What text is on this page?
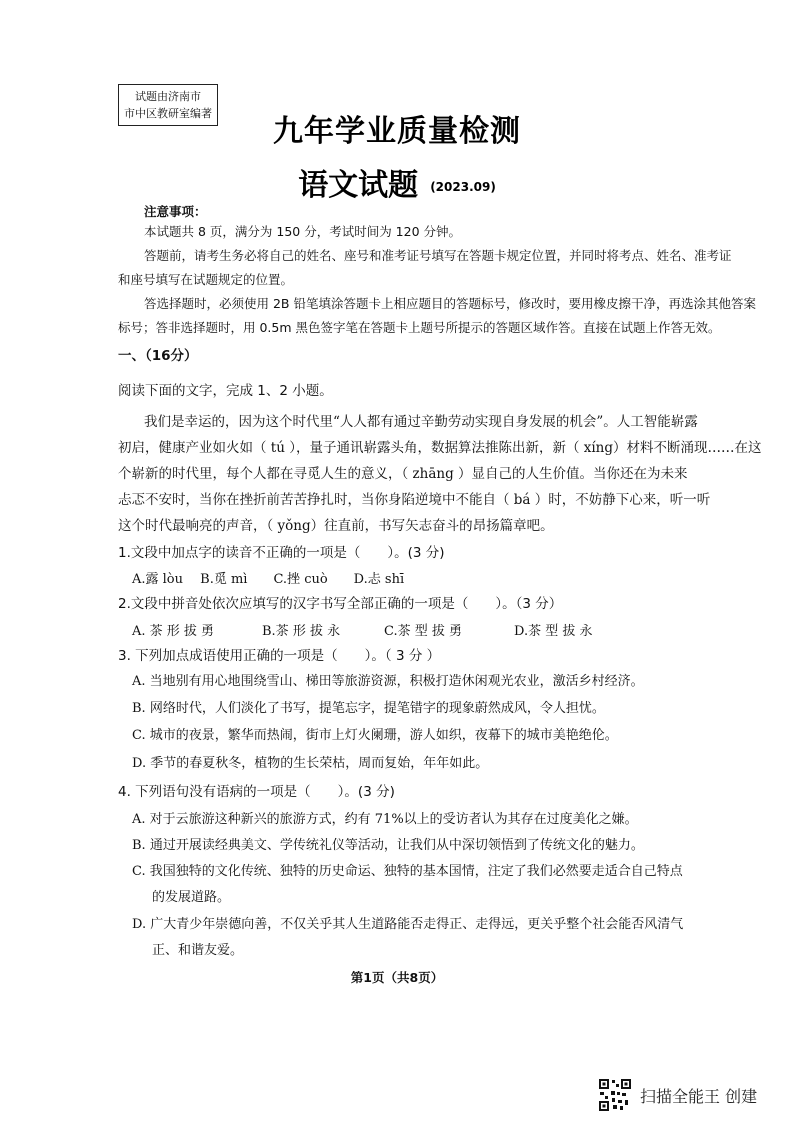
试题由济南市
市中区教研室编著
九年学业质量检测
语文试题 (2023.09)
注意事项：
本试题共 8 页，满分为 150 分，考试时间为 120 分钟。
答题前，请考生务必将自己的姓名、座号和准考证号填写在答题卡规定位置，并同时将考点、姓名、准考证
和座号填写在试题规定的位置。
答选择题时，必须使用 2B 铅笔填涂答题卡上相应题目的答题标号，修改时，要用橡皮擦干净，再选涂其他答案
标号；答非选择题时，用 0.5m 黑色签字笔在答题卡上题号所提示的答题区域作答。直接在试题上作答无效。
一、（16分）
阅读下面的文字，完成 1、2 小题。
我们是幸运的，因为这个时代里“人人都有通过辛勤劳动实现自身发展的机会”。人工智能崭露
初启，健康产业如火如（ tú ），量子通讯崭露头角，数据算法推陈出新，新（ xíng）材料不断涌现……在这
个崭新的时代里，每个人都在寻觅人生的意义，（ zhāng ）显自己的人生价值。当你还在为未来
忐忑不安时，当你在挫折前苦苦挣扎时，当你身陷逆境中不能自（ bá ）时，不妨静下心来，听一听
这个时代最响亮的声音，（ yǒng）往直前，书写矢志奋斗的昂扬篇章吧。
1.文段中加点字的读音不正确的一项是（　　）。(3 分)
A.露 lòu　 B.觅 mì　　C.挫 cuò　　D.忐 shī
2.文段中拼音处依次应填写的汉字书写全部正确的一项是（　　）。（3 分）
A. 茶 形 拔 勇	B.茶 形 拔 永	C.茶 型 拔 勇	D.茶 型 拔 永
3. 下列加点成语使用正确的一项是（　　）。（ 3 分 ）
A. 当地别有用心地围绕雪山、梯田等旅游资源，积极打造休闲观光农业，激活乡村经济。
B. 网络时代，人们淡化了书写，提笔忘字，提笔错字的现象蔚然成风，令人担忧。
C. 城市的夜景，繁华而热闹，街市上灯火阑珊，游人如织，夜幕下的城市美艳绝伦。
D. 季节的春夏秋冬，植物的生长荣枯，周而复始，年年如此。
4. 下列语句没有语病的一项是（　　）。(3 分)
A. 对于云旅游这种新兴的旅游方式，约有 71%以上的受访者认为其存在过度美化之嫌。
B. 通过开展读经典美文、学传统礼仪等活动，让我们从中深切领悟到了传统文化的魅力。
C. 我国独特的文化传统、独特的历史命运、独特的基本国情，注定了我们必然要走适合自己特点
的发展道路。
D. 广大青少年崇德向善，不仅关乎其人生道路能否走得正、走得远，更关乎整个社会能否风清气
正、和谐友爱。
第1页（共8页）
扫描全能王 创建
